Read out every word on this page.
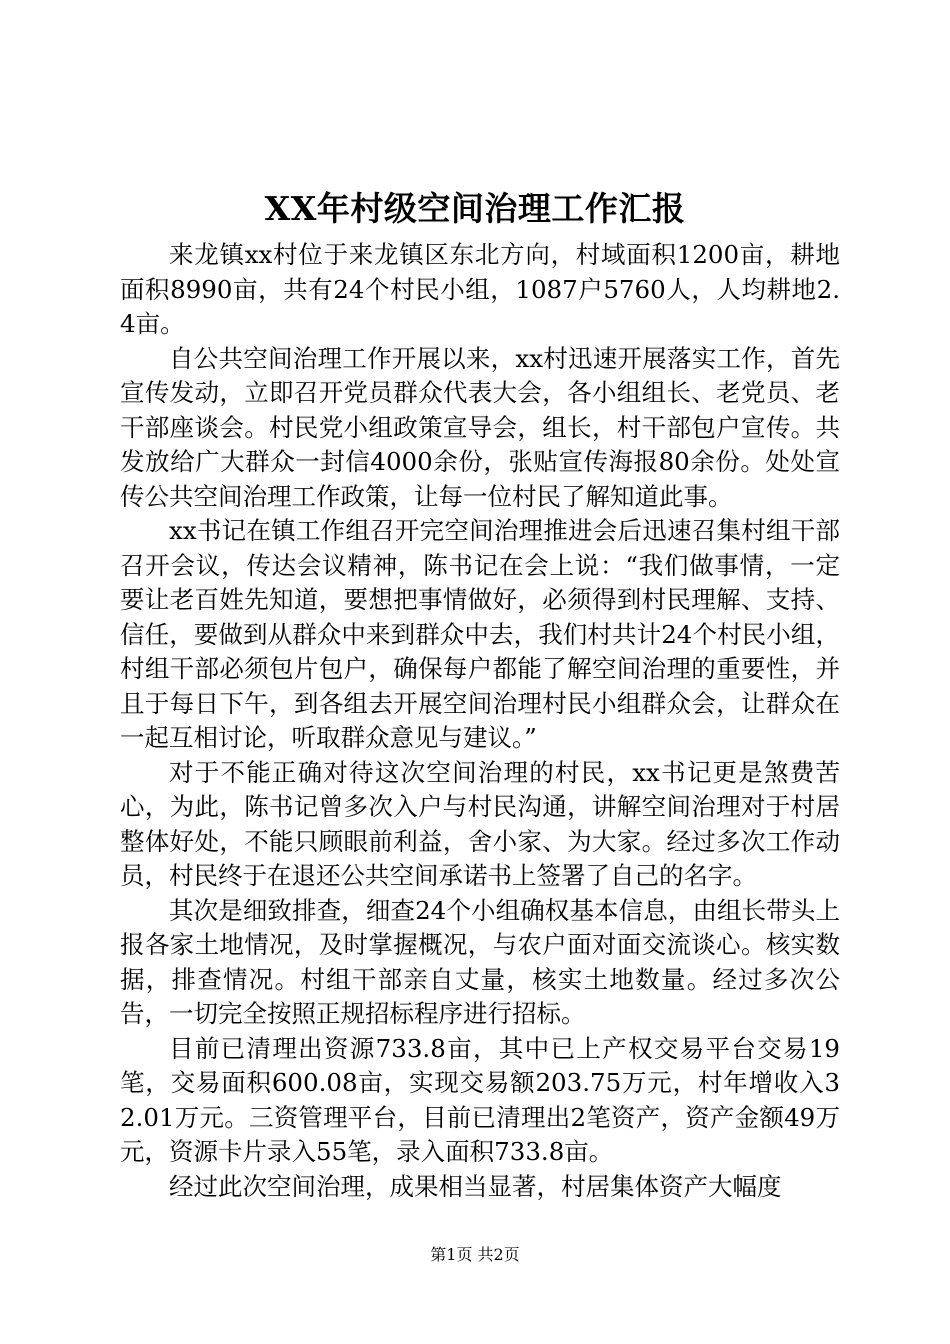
XX年村级空间治理工作汇报

来龙镇xx村位于来龙镇区东北方向，村域面积1200亩，耕地面积8990亩，共有24个村民小组，1087户5760人，人均耕地2.4亩。

自公共空间治理工作开展以来，xx村迅速开展落实工作，首先宣传发动，立即召开党员群众代表大会，各小组组长、老党员、老干部座谈会。村民党小组政策宣导会，组长，村干部包户宣传。共发放给广大群众一封信4000余份，张贴宣传海报80余份。处处宣传公共空间治理工作政策，让每一位村民了解知道此事。

xx书记在镇工作组召开完空间治理推进会后迅速召集村组干部召开会议，传达会议精神，陈书记在会上说：“我们做事情，一定要让老百姓先知道，要想把事情做好，必须得到村民理解、支持、信任，要做到从群众中来到群众中去，我们村共计24个村民小组，村组干部必须包片包户，确保每户都能了解空间治理的重要性，并且于每日下午，到各组去开展空间治理村民小组群众会，让群众在一起互相讨论，听取群众意见与建议。”

对于不能正确对待这次空间治理的村民，xx书记更是煞费苦心，为此，陈书记曾多次入户与村民沟通，讲解空间治理对于村居整体好处，不能只顾眼前利益，舍小家、为大家。经过多次工作动员，村民终于在退还公共空间承诺书上签署了自己的名字。

其次是细致排查，细查24个小组确权基本信息，由组长带头上报各家土地情况，及时掌握概况，与农户面对面交流谈心。核实数据，排查情况。村组干部亲自丈量，核实土地数量。经过多次公告，一切完全按照正规招标程序进行招标。

目前已清理出资源733.8亩，其中已上产权交易平台交易19笔，交易面积600.08亩，实现交易额203.75万元，村年增收入32.01万元。三资管理平台，目前已清理出2笔资产，资产金额49万元，资源卡片录入55笔，录入面积733.8亩。

经过此次空间治理，成果相当显著，村居集体资产大幅度

第1页 共2页
